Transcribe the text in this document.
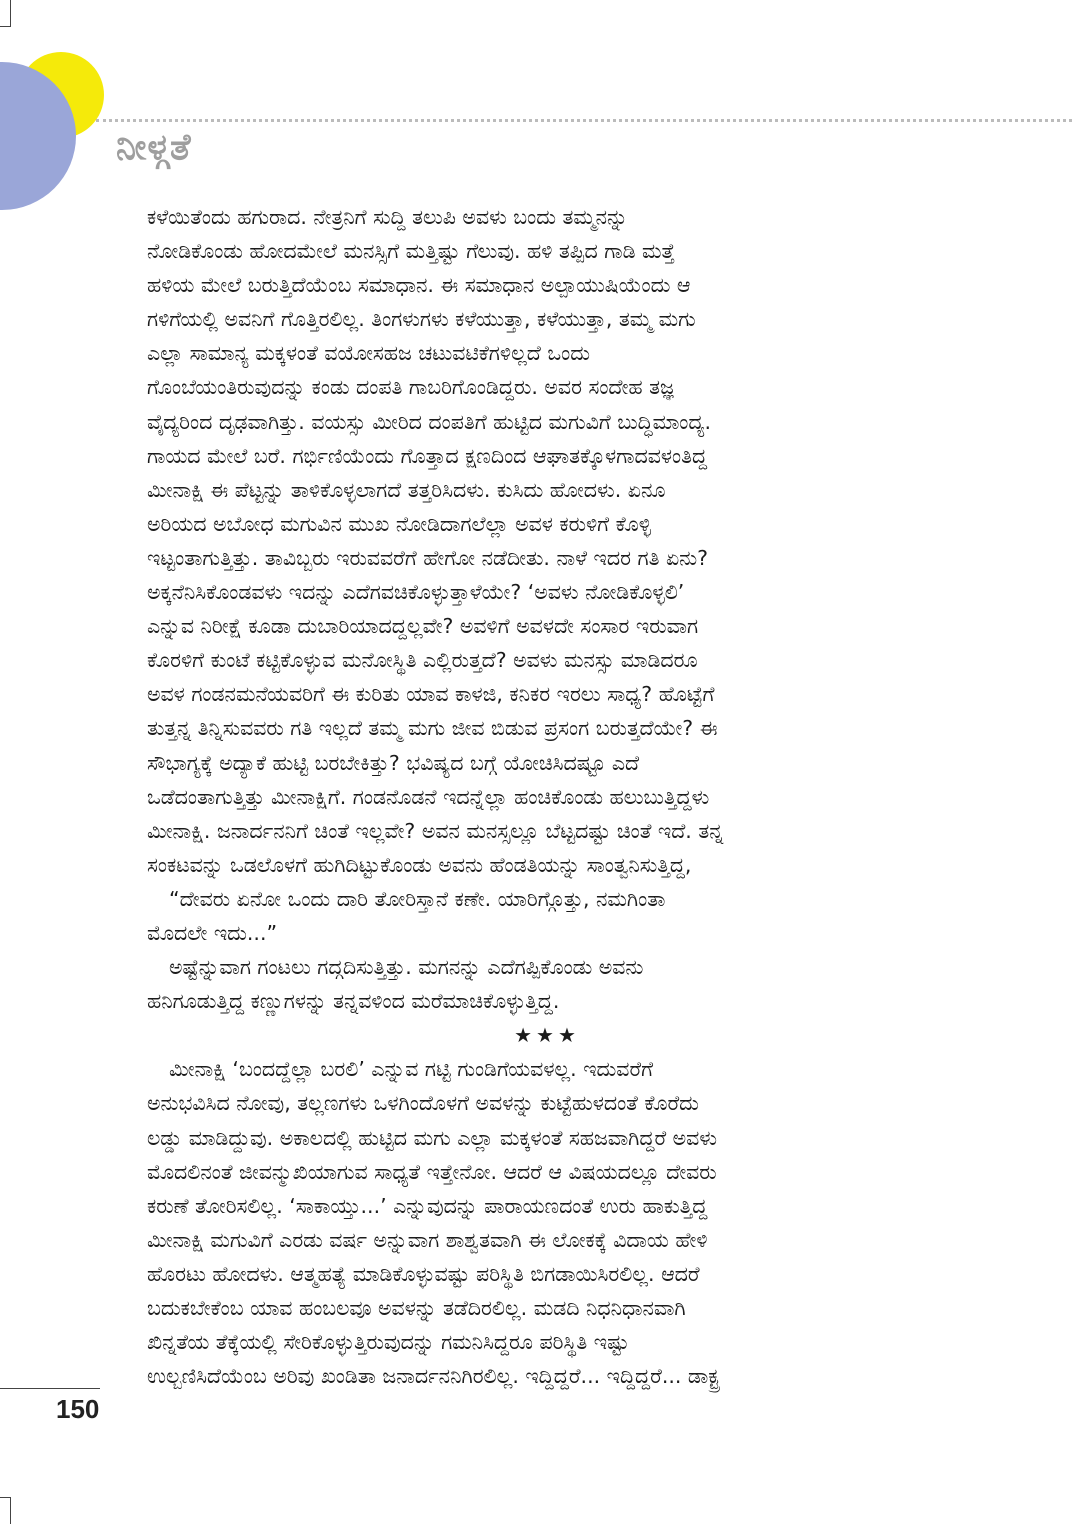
ನೀಳ್ಗತೆ
ಕಳೆಯಿತೆಂದು ಹಗುರಾದ. ನೇತ್ರನಿಗೆ ಸುದ್ದಿ ತಲುಪಿ ಅವಳು ಬಂದು ತಮ್ಮನನ್ನು
ನೋಡಿಕೊಂಡು ಹೋದಮೇಲೆ ಮನಸ್ಸಿಗೆ ಮತ್ತಿಷ್ಟು ಗೆಲುವು. ಹಳಿ ತಪ್ಪಿದ ಗಾಡಿ ಮತ್ತೆ
ಹಳಿಯ ಮೇಲೆ ಬರುತ್ತಿದೆಯೆಂಬ ಸಮಾಧಾನ. ಈ ಸಮಾಧಾನ ಅಲ್ಪಾಯುಷಿಯೆಂದು ಆ
ಗಳಿಗೆಯಲ್ಲಿ ಅವನಿಗೆ ಗೊತ್ತಿರಲಿಲ್ಲ. ತಿಂಗಳುಗಳು ಕಳೆಯುತ್ತಾ, ಕಳೆಯುತ್ತಾ, ತಮ್ಮ ಮಗು
ಎಲ್ಲಾ ಸಾಮಾನ್ಯ ಮಕ್ಕಳಂತೆ ವಯೋಸಹಜ ಚಟುವಟಿಕೆಗಳಿಲ್ಲದೆ ಒಂದು
ಗೊಂಬೆಯಂತಿರುವುದನ್ನು ಕಂಡು ದಂಪತಿ ಗಾಬರಿಗೊಂಡಿದ್ದರು. ಅವರ ಸಂದೇಹ ತಜ್ಞ
ವೈದ್ಯರಿಂದ ದೃಢವಾಗಿತ್ತು. ವಯಸ್ಸು ಮೀರಿದ ದಂಪತಿಗೆ ಹುಟ್ಟಿದ ಮಗುವಿಗೆ ಬುದ್ಧಿಮಾಂದ್ಯ.
ಗಾಯದ ಮೇಲೆ ಬರೆ. ಗರ್ಭಿಣಿಯೆಂದು ಗೊತ್ತಾದ ಕ್ಷಣದಿಂದ ಆಘಾತಕ್ಕೊಳಗಾದವಳಂತಿದ್ದ
ಮೀನಾಕ್ಷಿ ಈ ಪೆಟ್ಟನ್ನು ತಾಳಿಕೊಳ್ಳಲಾಗದೆ ತತ್ತರಿಸಿದಳು. ಕುಸಿದು ಹೋದಳು. ಏನೂ
ಅರಿಯದ ಅಬೋಧ ಮಗುವಿನ ಮುಖ ನೋಡಿದಾಗಲೆಲ್ಲಾ ಅವಳ ಕರುಳಿಗೆ ಕೊಳ್ಳಿ
ಇಟ್ಟಂತಾಗುತ್ತಿತ್ತು. ತಾವಿಬ್ಬರು ಇರುವವರೆಗೆ ಹೇಗೋ ನಡೆದೀತು. ನಾಳೆ ಇದರ ಗತಿ ಏನು?
ಅಕ್ಕನೆನಿಸಿಕೊಂಡವಳು ಇದನ್ನು ಎದೆಗವಚಿಕೊಳ್ಳುತ್ತಾಳೆಯೇ? ‘ಅವಳು ನೋಡಿಕೊಳ್ಳಲಿ’
ಎನ್ನುವ ನಿರೀಕ್ಷೆ ಕೂಡಾ ದುಬಾರಿಯಾದದ್ದಲ್ಲವೇ? ಅವಳಿಗೆ ಅವಳದೇ ಸಂಸಾರ ಇರುವಾಗ
ಕೊರಳಿಗೆ ಕುಂಟೆ ಕಟ್ಟಿಕೊಳ್ಳುವ ಮನೋಸ್ಥಿತಿ ಎಲ್ಲಿರುತ್ತದೆ? ಅವಳು ಮನಸ್ಸು ಮಾಡಿದರೂ
ಅವಳ ಗಂಡನಮನೆಯವರಿಗೆ ಈ ಕುರಿತು ಯಾವ ಕಾಳಜಿ, ಕನಿಕರ ಇರಲು ಸಾಧ್ಯ? ಹೊಟ್ಟೆಗೆ
ತುತ್ತನ್ನ ತಿನ್ನಿಸುವವರು ಗತಿ ಇಲ್ಲದೆ ತಮ್ಮ ಮಗು ಜೀವ ಬಿಡುವ ಪ್ರಸಂಗ ಬರುತ್ತದೆಯೇ? ಈ
ಸೌಭಾಗ್ಯಕ್ಕೆ ಅದ್ಯಾಕೆ ಹುಟ್ಟಿ ಬರಬೇಕಿತ್ತು? ಭವಿಷ್ಯದ ಬಗ್ಗೆ ಯೋಚಿಸಿದಷ್ಟೂ ಎದೆ
ಒಡೆದಂತಾಗುತ್ತಿತ್ತು ಮೀನಾಕ್ಷಿಗೆ. ಗಂಡನೊಡನೆ ಇದನ್ನೆಲ್ಲಾ ಹಂಚಿಕೊಂಡು ಹಲುಬುತ್ತಿದ್ದಳು
ಮೀನಾಕ್ಷಿ. ಜನಾರ್ದನನಿಗೆ ಚಿಂತೆ ಇಲ್ಲವೇ? ಅವನ ಮನಸ್ಸಲ್ಲೂ ಬೆಟ್ಟದಷ್ಟು ಚಿಂತೆ ಇದೆ. ತನ್ನ
ಸಂಕಟವನ್ನು ಒಡಲೊಳಗೆ ಹುಗಿದಿಟ್ಟುಕೊಂಡು ಅವನು ಹೆಂಡತಿಯನ್ನು ಸಾಂತ್ವನಿಸುತ್ತಿದ್ದ,
“ದೇವರು ಏನೋ ಒಂದು ದಾರಿ ತೋರಿಸ್ತಾನೆ ಕಣೇ. ಯಾರಿಗ್ಗೊತ್ತು, ನಮಗಿಂತಾ
ಮೊದಲೇ ಇದು...”
ಅಷ್ಟೆನ್ನುವಾಗ ಗಂಟಲು ಗದ್ಗದಿಸುತ್ತಿತ್ತು. ಮಗನನ್ನು ಎದೆಗಪ್ಪಿಕೊಂಡು ಅವನು
ಹನಿಗೂಡುತ್ತಿದ್ದ ಕಣ್ಣುಗಳನ್ನು ತನ್ನವಳಿಂದ ಮರೆಮಾಚಿಕೊಳ್ಳುತ್ತಿದ್ದ.
★★★
ಮೀನಾಕ್ಷಿ ‘ಬಂದದ್ದೆಲ್ಲಾ ಬರಲಿ’ ಎನ್ನುವ ಗಟ್ಟಿ ಗುಂಡಿಗೆಯವಳಲ್ಲ. ಇದುವರೆಗೆ
ಅನುಭವಿಸಿದ ನೋವು, ತಲ್ಲಣಗಳು ಒಳಗಿಂದೊಳಗೆ ಅವಳನ್ನು ಕುಟ್ಟೆಹುಳದಂತೆ ಕೊರೆದು
ಲಡ್ಡು ಮಾಡಿದ್ದುವು. ಅಕಾಲದಲ್ಲಿ ಹುಟ್ಟಿದ ಮಗು ಎಲ್ಲಾ ಮಕ್ಕಳಂತೆ ಸಹಜವಾಗಿದ್ದರೆ ಅವಳು
ಮೊದಲಿನಂತೆ ಜೀವನ್ಮುಖಿಯಾಗುವ ಸಾಧ್ಯತೆ ಇತ್ತೇನೋ. ಆದರೆ ಆ ವಿಷಯದಲ್ಲೂ ದೇವರು
ಕರುಣೆ ತೋರಿಸಲಿಲ್ಲ. ‘ಸಾಕಾಯ್ತು...’ ಎನ್ನುವುದನ್ನು ಪಾರಾಯಣದಂತೆ ಉರು ಹಾಕುತ್ತಿದ್ದ
ಮೀನಾಕ್ಷಿ ಮಗುವಿಗೆ ಎರಡು ವರ್ಷ ಅನ್ನುವಾಗ ಶಾಶ್ವತವಾಗಿ ಈ ಲೋಕಕ್ಕೆ ವಿದಾಯ ಹೇಳಿ
ಹೊರಟು ಹೋದಳು. ಆತ್ಮಹತ್ಯೆ ಮಾಡಿಕೊಳ್ಳುವಷ್ಟು ಪರಿಸ್ಥಿತಿ ಬಿಗಡಾಯಿಸಿರಲಿಲ್ಲ. ಆದರೆ
ಬದುಕಬೇಕೆಂಬ ಯಾವ ಹಂಬಲವೂ ಅವಳನ್ನು ತಡೆದಿರಲಿಲ್ಲ. ಮಡದಿ ನಿಧನಿಧಾನವಾಗಿ
ಖಿನ್ನತೆಯ ತೆಕ್ಕೆಯಲ್ಲಿ ಸೇರಿಕೊಳ್ಳುತ್ತಿರುವುದನ್ನು ಗಮನಿಸಿದ್ದರೂ ಪರಿಸ್ಥಿತಿ ಇಷ್ಟು
ಉಲ್ಬಣಿಸಿದೆಯೆಂಬ ಅರಿವು ಖಂಡಿತಾ ಜನಾರ್ದನನಿಗಿರಲಿಲ್ಲ. ಇದ್ದಿದ್ದರೆ... ಇದ್ದಿದ್ದರೆ... ಡಾಕ್ಟ್ರ
150
